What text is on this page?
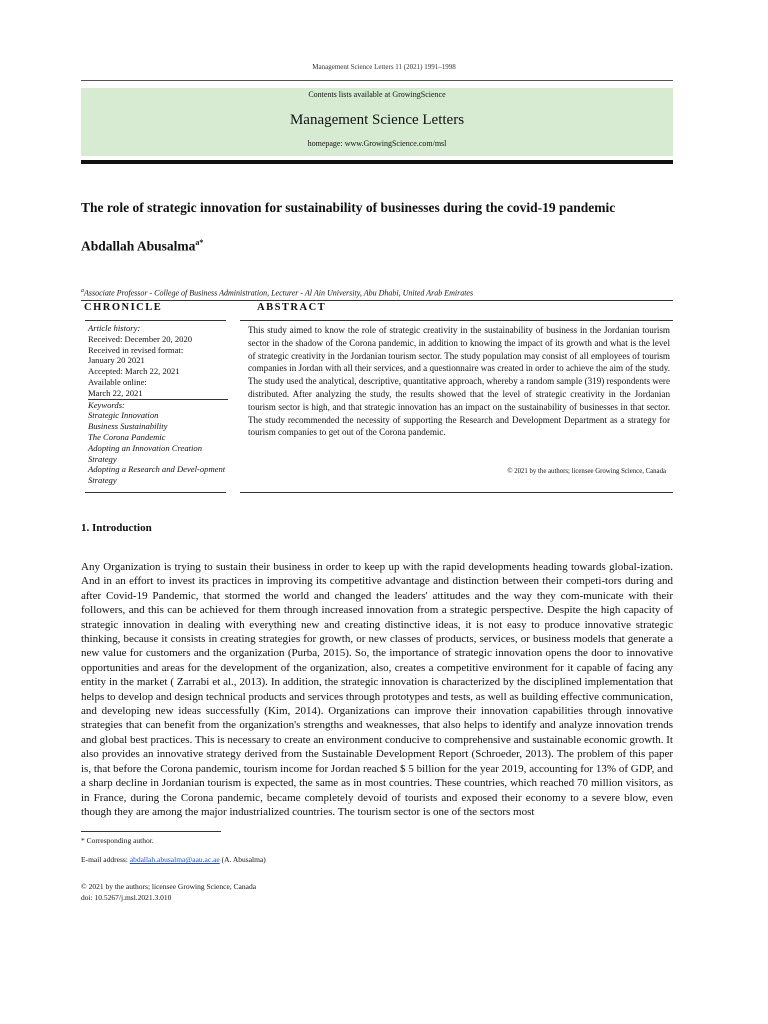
Management Science Letters 11 (2021) 1991–1998
Contents lists available at GrowingScience
Management Science Letters
homepage: www.GrowingScience.com/msl
The role of strategic innovation for sustainability of businesses during the covid-19 pandemic
Abdallah Abusalma$^{a*}$
$^a$Associate Professor - College of Business Administration, Lecturer - Al Ain University, Abu Dhabi, United Arab Emirates
CHRONICLE	ABSTRACT
Article history:
Received: December 20, 2020
Received in revised format:
January 20 2021
Accepted: March 22, 2021
Available online:
March 22, 2021
Keywords:
Strategic Innovation
Business Sustainability
The Corona Pandemic
Adopting an Innovation Creation Strategy
Adopting a Research and Devel-opment Strategy
This study aimed to know the role of strategic creativity in the sustainability of business in the Jordanian tourism sector in the shadow of the Corona pandemic, in addition to knowing the impact of its growth and what is the level of strategic creativity in the Jordanian tourism sector. The study population may consist of all employees of tourism companies in Jordan with all their services, and a questionnaire was created in order to achieve the aim of the study. The study used the analytical, descriptive, quantitative approach, whereby a random sample (319) respondents were distributed. After analyzing the study, the results showed that the level of strategic creativity in the Jordanian tourism sector is high, and that strategic innovation has an impact on the sustainability of businesses in that sector. The study recommended the necessity of supporting the Research and Development Department as a strategy for tourism companies to get out of the Corona pandemic.
© 2021 by the authors; licensee Growing Science, Canada
1. Introduction
Any Organization is trying to sustain their business in order to keep up with the rapid developments heading towards global-ization. And in an effort to invest its practices in improving its competitive advantage and distinction between their competi-tors during and after Covid-19 Pandemic, that stormed the world and changed the leaders' attitudes and the way they com-municate with their followers, and this can be achieved for them through increased innovation from a strategic perspective. Despite the high capacity of strategic innovation in dealing with everything new and creating distinctive ideas, it is not easy to produce innovative strategic thinking, because it consists in creating strategies for growth, or new classes of products, services, or business models that generate a new value for customers and the organization (Purba, 2015). So, the importance of strategic innovation opens the door to innovative opportunities and areas for the development of the organization, also, creates a competitive environment for it capable of facing any entity in the market ( Zarrabi et al., 2013). In addition, the strategic innovation is characterized by the disciplined implementation that helps to develop and design technical products and services through prototypes and tests, as well as building effective communication, and developing new ideas successfully (Kim, 2014). Organizations can improve their innovation capabilities through innovative strategies that can benefit from the organization's strengths and weaknesses, that also helps to identify and analyze innovation trends and global best practices. This is necessary to create an environment conducive to comprehensive and sustainable economic growth. It also provides an innovative strategy derived from the Sustainable Development Report (Schroeder, 2013). The problem of this paper is, that before the Corona pandemic, tourism income for Jordan reached $ 5 billion for the year 2019, accounting for 13% of GDP, and a sharp decline in Jordanian tourism is expected, the same as in most countries. These countries, which reached 70 million visitors, as in France, during the Corona pandemic, became completely devoid of tourists and exposed their economy to a severe blow, even though they are among the major industrialized countries. The tourism sector is one of the sectors most
* Corresponding author.
E-mail address: abdallah.abusalma@aau.ac.ae (A. Abusalma)
© 2021 by the authors; licensee Growing Science, Canada
doi: 10.5267/j.msl.2021.3.010
